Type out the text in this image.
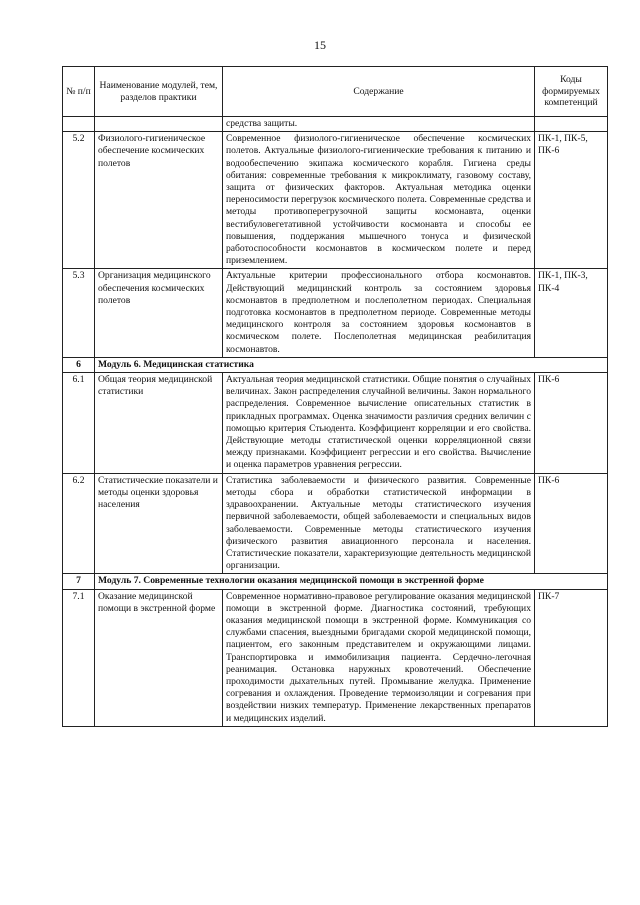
15
№ п/п	Наименование модулей, тем, разделов практики	Содержание	Коды формируемых компетенций
		средства защиты.	
5.2	Физиолого-гигиеническое обеспечение космических полетов	Современное физиолого-гигиеническое обеспечение космических полетов. Актуальные физиолого-гигиенические требования к питанию и водообеспечению экипажа космического корабля. Гигиена среды обитания: современные требования к микроклимату, газовому составу, защита от физических факторов. Актуальная методика оценки переносимости перегрузок космического полета. Современные средства и методы противоперегрузочной защиты космонавта, оценки вестибуловегетативной устойчивости космонавта и способы ее повышения, поддержания мышечного тонуса и физической работоспособности космонавтов в космическом полете и перед приземлением.	ПК-1, ПК-5, ПК-6
5.3	Организация медицинского обеспечения космических полетов	Актуальные критерии профессионального отбора космонавтов. Действующий медицинский контроль за состоянием здоровья космонавтов в предполетном и послеполетном периодах. Специальная подготовка космонавтов в предполетном периоде. Современные методы медицинского контроля за состоянием здоровья космонавтов в космическом полете. Послеполетная медицинская реабилитация космонавтов.	ПК-1, ПК-3, ПК-4
6	Модуль 6. Медицинская статистика		
6.1	Общая теория медицинской статистики	Актуальная теория медицинской статистики. Общие понятия о случайных величинах. Закон распределения случайной величины. Закон нормального распределения. Современное вычисление описательных статистик в прикладных программах. Оценка значимости различия средних величин с помощью критерия Стьюдента. Коэффициент корреляции и его свойства. Действующие методы статистической оценки корреляционной связи между признаками. Коэффициент регрессии и его свойства. Вычисление и оценка параметров уравнения регрессии.	ПК-6
6.2	Статистические показатели и методы оценки здоровья населения	Статистика заболеваемости и физического развития. Современные методы сбора и обработки статистической информации в здравоохранении. Актуальные методы статистического изучения первичной заболеваемости, общей заболеваемости и специальных видов заболеваемости. Современные методы статистического изучения физического развития авиационного персонала и населения. Статистические показатели, характеризующие деятельность медицинской организации.	ПК-6
7	Модуль 7. Современные технологии оказания медицинской помощи в экстренной форме		
7.1	Оказание медицинской помощи в экстренной форме	Современное нормативно-правовое регулирование оказания медицинской помощи в экстренной форме. Диагностика состояний, требующих оказания медицинской помощи в экстренной форме. Коммуникация со службами спасения, выездными бригадами скорой медицинской помощи, пациентом, его законным представителем и окружающими лицами. Транспортировка и иммобилизация пациента. Сердечно-легочная реанимация. Остановка наружных кровотечений. Обеспечение проходимости дыхательных путей. Промывание желудка. Применение согревания и охлаждения. Проведение термоизоляции и согревания при воздействии низких температур. Применение лекарственных препаратов и медицинских изделий.	ПК-7
